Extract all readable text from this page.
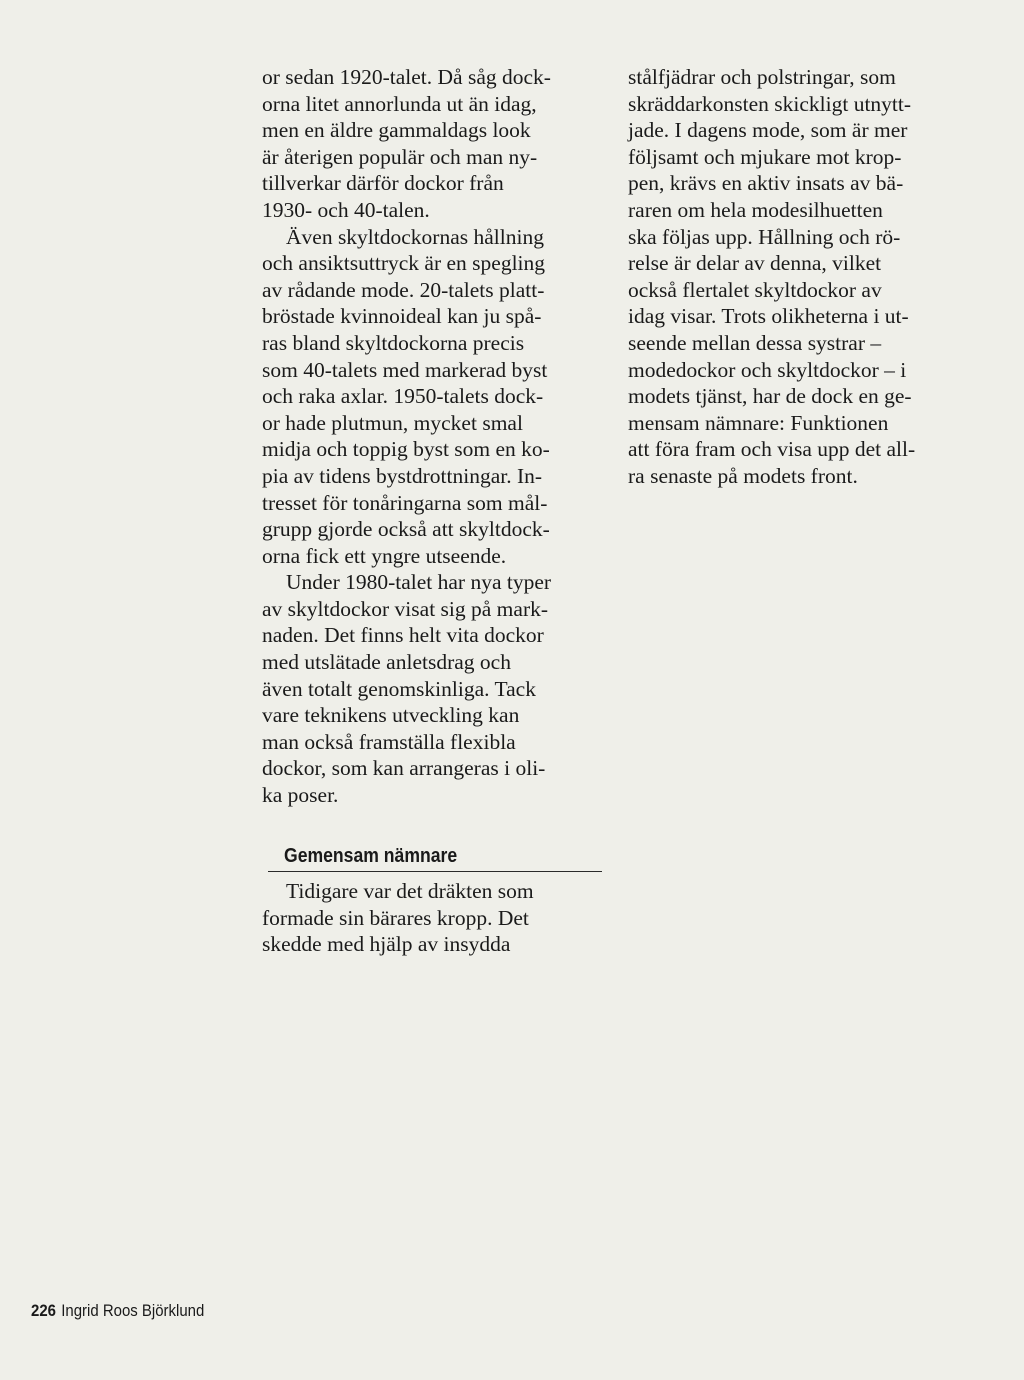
or sedan 1920-talet. Då såg dock-
orna litet annorlunda ut än idag,
men en äldre gammaldags look
är återigen populär och man ny-
tillverkar därför dockor från
1930- och 40-talen.
Även skyltdockornas hållning
och ansiktsuttryck är en spegling
av rådande mode. 20-talets platt-
bröstade kvinnoideal kan ju spå-
ras bland skyltdockorna precis
som 40-talets med markerad byst
och raka axlar. 1950-talets dock-
or hade plutmun, mycket smal
midja och toppig byst som en ko-
pia av tidens bystdrottningar. In-
tresset för tonåringarna som mål-
grupp gjorde också att skyltdock-
orna fick ett yngre utseende.
Under 1980-talet har nya typer
av skyltdockor visat sig på mark-
naden. Det finns helt vita dockor
med utslätade anletsdrag och
även totalt genomskinliga. Tack
vare teknikens utveckling kan
man också framställa flexibla
dockor, som kan arrangeras i oli-
ka poser.
Gemensam nämnare
Tidigare var det dräkten som
formade sin bärares kropp. Det
skedde med hjälp av insydda
stålfjädrar och polstringar, som
skräddarkonsten skickligt utnytt-
jade. I dagens mode, som är mer
följsamt och mjukare mot krop-
pen, krävs en aktiv insats av bä-
raren om hela modesilhuetten
ska följas upp. Hållning och rö-
relse är delar av denna, vilket
också flertalet skyltdockor av
idag visar. Trots olikheterna i ut-
seende mellan dessa systrar –
modedockor och skyltdockor – i
modets tjänst, har de dock en ge-
mensam nämnare: Funktionen
att föra fram och visa upp det all-
ra senaste på modets front.
226 Ingrid Roos Björklund
